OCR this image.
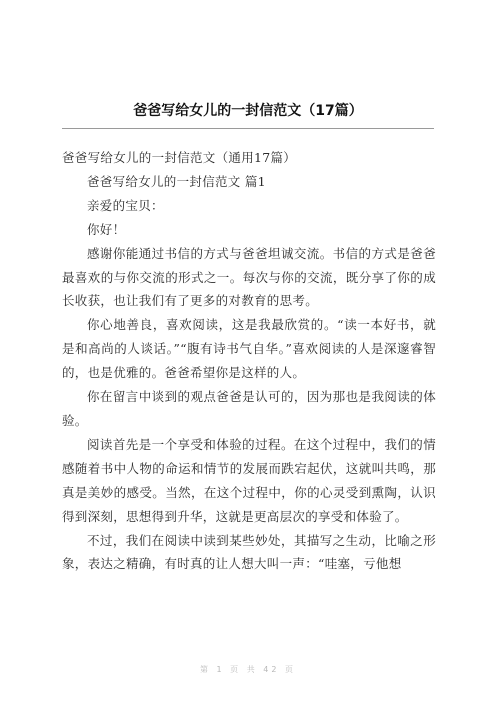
爸爸写给女儿的一封信范文（17篇）

爸爸写给女儿的一封信范文（通用17篇）

爸爸写给女儿的一封信范文 篇1

亲爱的宝贝：

你好！

感谢你能通过书信的方式与爸爸坦诚交流。书信的方式是爸爸最喜欢的与你交流的形式之一。每次与你的交流，既分享了你的成长收获，也让我们有了更多的对教育的思考。

你心地善良，喜欢阅读，这是我最欣赏的。“读一本好书，就是和高尚的人谈话。”“腹有诗书气自华。”喜欢阅读的人是深邃睿智的，也是优雅的。爸爸希望你是这样的人。

你在留言中谈到的观点爸爸是认可的，因为那也是我阅读的体验。

阅读首先是一个享受和体验的过程。在这个过程中，我们的情感随着书中人物的命运和情节的发展而跌宕起伏，这就叫共鸣，那真是美妙的感受。当然，在这个过程中，你的心灵受到熏陶，认识得到深刻，思想得到升华，这就是更高层次的享受和体验了。

不过，我们在阅读中读到某些妙处，其描写之生动，比喻之形象，表达之精确，有时真的让人想大叫一声：“哇塞，亏他想

第 1 页 共 42 页
